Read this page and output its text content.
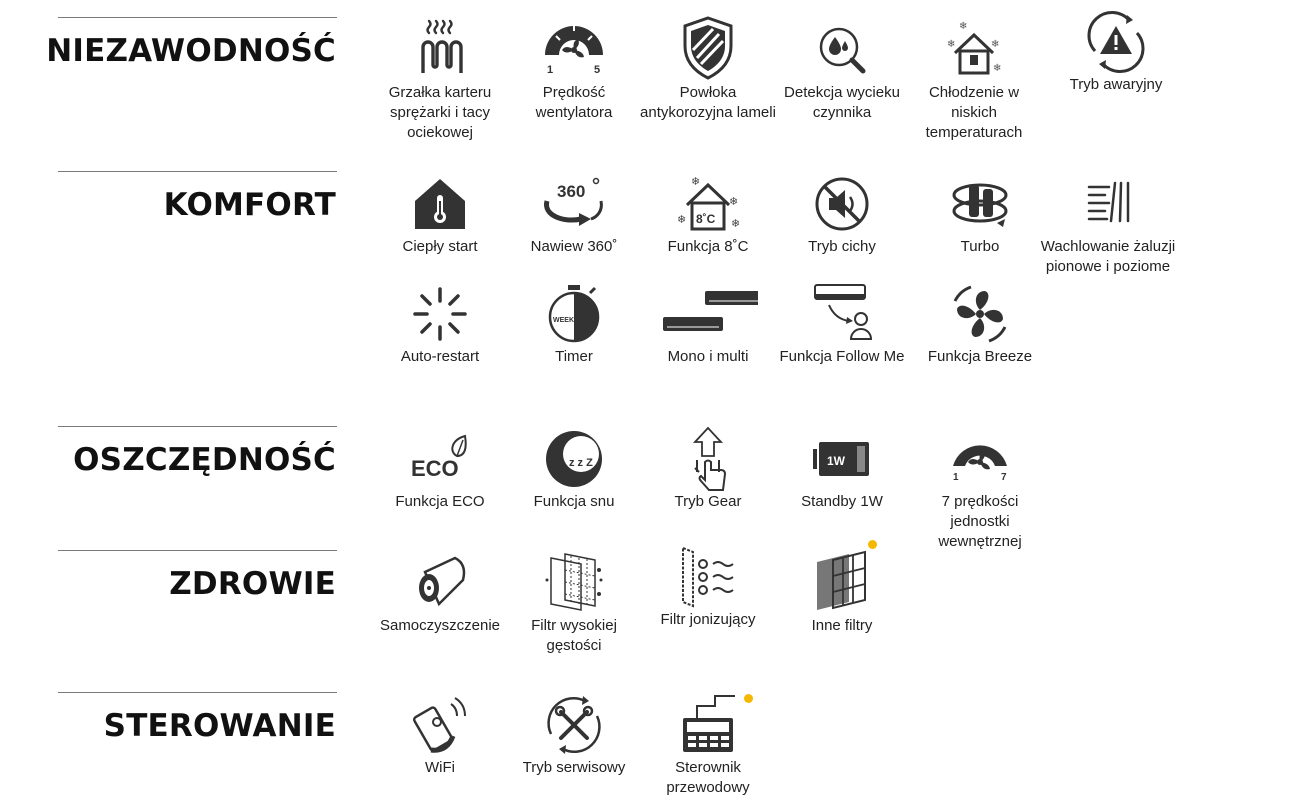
NIEZAWODNOŚĆ
Grzałka karteru sprężarki i tacy ociekowej
1	5
Prędkość wentylatora
Powłoka antykorozyjna lameli
Detekcja wycieku czynnika
❄
❄
❄
❄
Chłodzenie w niskich temperaturach
Tryb awaryjny
KOMFORT
Ciepły start
360
Nawiew 360˚
❄
❄
❄
❄
8˚C
Funkcja 8˚C	Tryb cichy	Turbo	Wachlowanie żaluzji pionowe i poziome
Auto-restart
WEEK
Timer	Mono i multi	Funkcja Follow Me	Funkcja Breeze
OSZCZĘDNOŚĆ	ECO
Funkcja ECO
z z Z
Funkcja snu	Tryb Gear
1W
Standby 1W
1	7
7 prędkości jednostki wewnętrznej
ZDROWIE
Samoczyszczenie	Filtr wysokiej gęstości
Filtr jonizujący	Inne filtry
STEROWANIE
WiFi	Tryb serwisowy	Sterownik przewodowy
